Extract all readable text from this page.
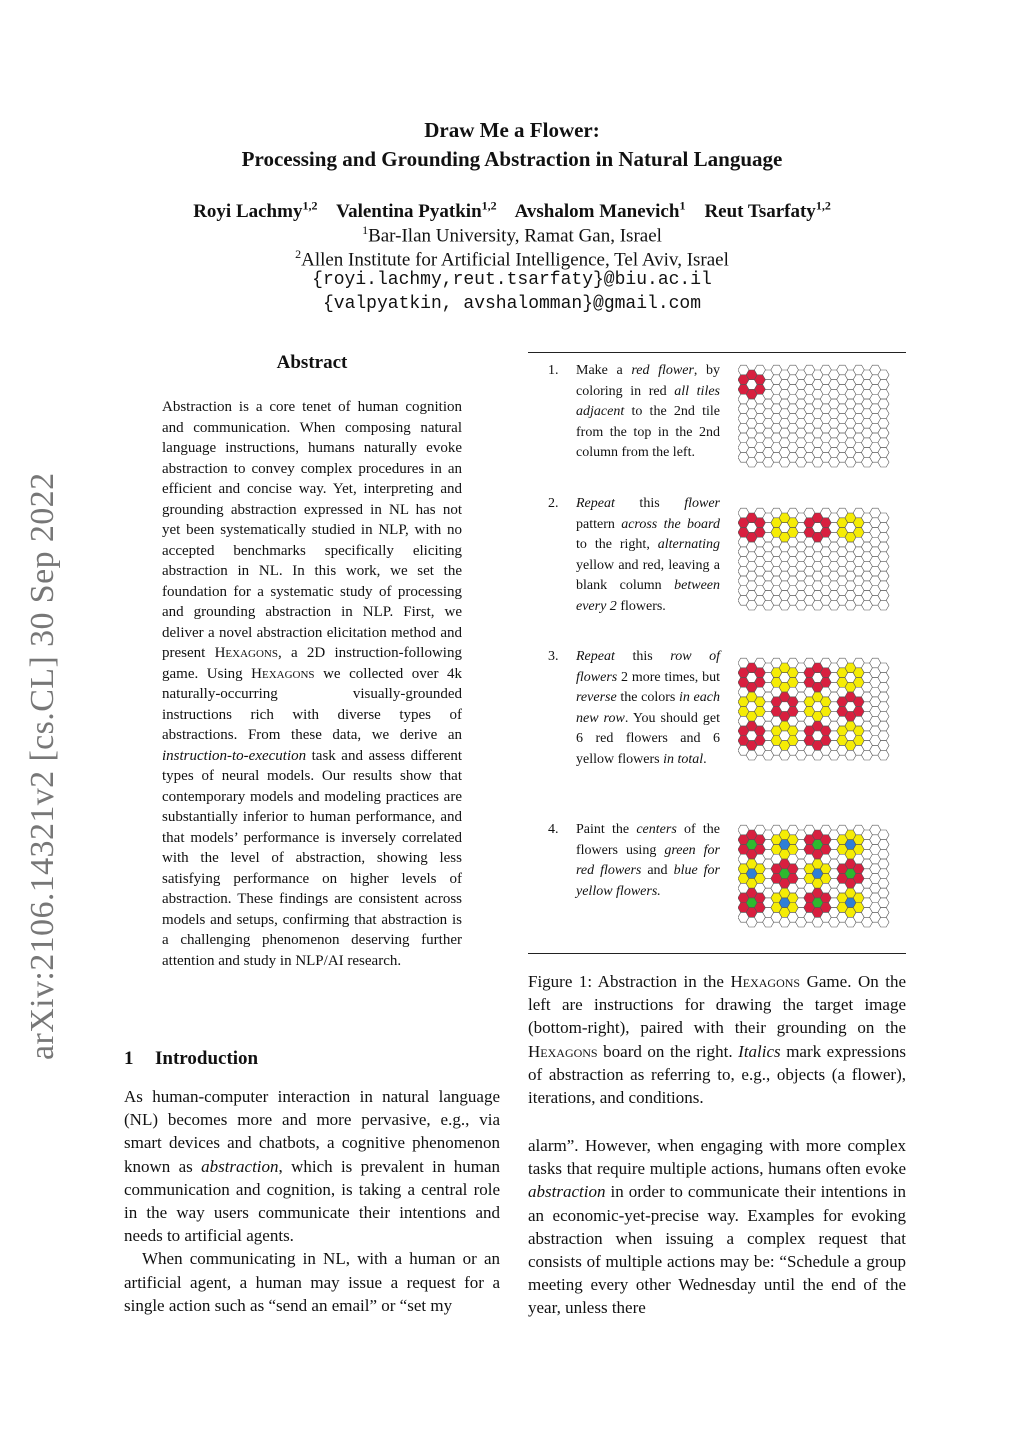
arXiv:2106.14321v2 [cs.CL] 30 Sep 2022
Draw Me a Flower:
Processing and Grounding Abstraction in Natural Language
Royi Lachmy$^{1,2}$ Valentina Pyatkin$^{1,2}$ Avshalom Manevich$^1$ Reut Tsarfaty$^{1,2}$
$^1$Bar-Ilan University, Ramat Gan, Israel
$^2$Allen Institute for Artificial Intelligence, Tel Aviv, Israel
{royi.lachmy,reut.tsarfaty}@biu.ac.il
{valpyatkin, avshalomman}@gmail.com
Abstract
Abstraction is a core tenet of human cognition and communication. When composing natural language instructions, humans naturally evoke abstraction to convey complex procedures in an efficient and concise way. Yet, interpreting and grounding abstraction expressed in NL has not yet been systematically studied in NLP, with no accepted benchmarks specifically eliciting abstraction in NL. In this work, we set the foundation for a systematic study of processing and grounding abstraction in NLP. First, we deliver a novel abstraction elicitation method and present Hexagons, a 2D instruction-following game. Using Hexagons we collected over 4k naturally-occurring visually-grounded instructions rich with diverse types of abstractions. From these data, we derive an instruction-to-execution task and assess different types of neural models. Our results show that contemporary models and modeling practices are substantially inferior to human performance, and that models’ performance is inversely correlated with the level of abstraction, showing less satisfying performance on higher levels of abstraction. These findings are consistent across models and setups, confirming that abstraction is a challenging phenomenon deserving further attention and study in NLP/AI research.
1 Introduction
As human-computer interaction in natural language (NL) becomes more and more pervasive, e.g., via smart devices and chatbots, a cognitive phenomenon known as abstraction, which is prevalent in human communication and cognition, is taking a central role in the way users communicate their intentions and needs to artificial agents.
When communicating in NL, with a human or an artificial agent, a human may issue a request for a single action such as “send an email” or “set my
1. Make a red flower, by coloring in red all tiles adjacent to the 2nd tile from the top in the 2nd column from the left.
2. Repeat this flower pattern across the board to the right, alternating yellow and red, leaving a blank column between every 2 flowers.
3. Repeat this row of flowers 2 more times, but reverse the colors in each new row. You should get 6 red flowers and 6 yellow flowers in total.
4. Paint the centers of the flowers using green for red flowers and blue for yellow flowers.
Figure 1: Abstraction in the Hexagons Game. On the left are instructions for drawing the target image (bottom-right), paired with their grounding on the Hexagons board on the right. Italics mark expressions of abstraction as referring to, e.g., objects (a flower), iterations, and conditions.
alarm”. However, when engaging with more complex tasks that require multiple actions, humans often evoke abstraction in order to communicate their intentions in an economic-yet-precise way. Examples for evoking abstraction when issuing a complex request that consists of multiple actions may be: “Schedule a group meeting every other Wednesday until the end of the year, unless there
